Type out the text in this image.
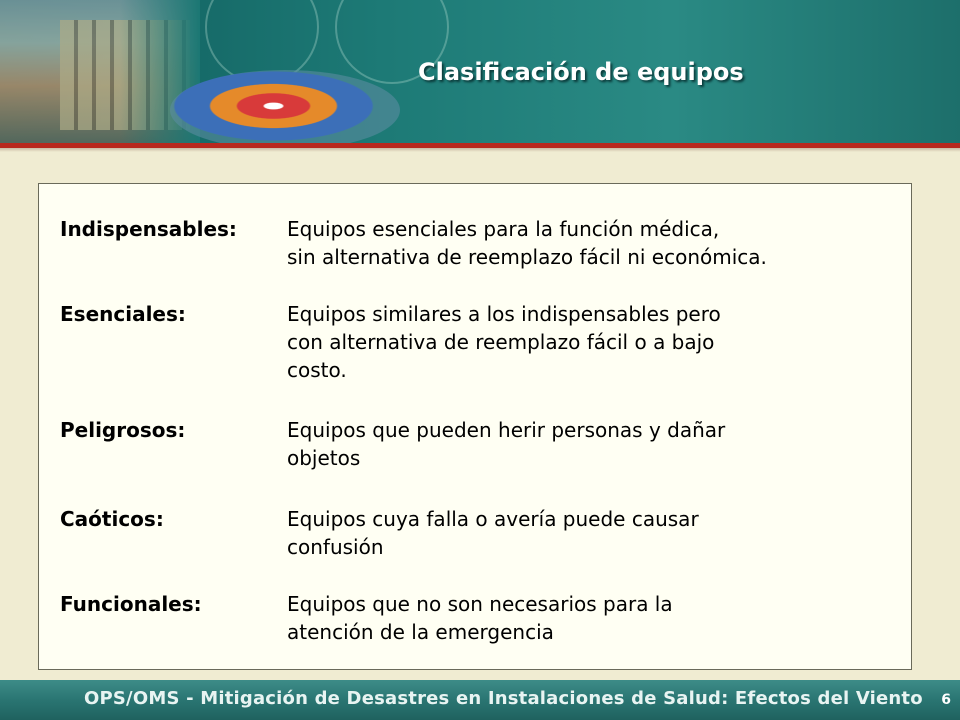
Clasificación de equipos
Indispensables:	Equipos esenciales para la función médica,
sin alternativa de reemplazo fácil ni económica.
Esenciales:	Equipos similares a los indispensables pero
con alternativa de reemplazo fácil o a bajo
costo.
Peligrosos:	Equipos que pueden herir personas y dañar
objetos
Caóticos:	Equipos cuya falla o avería puede causar
confusión
Funcionales:	Equipos que no son necesarios para la
atención de la emergencia
OPS/OMS - Mitigación de Desastres en Instalaciones de Salud: Efectos del Viento 6
